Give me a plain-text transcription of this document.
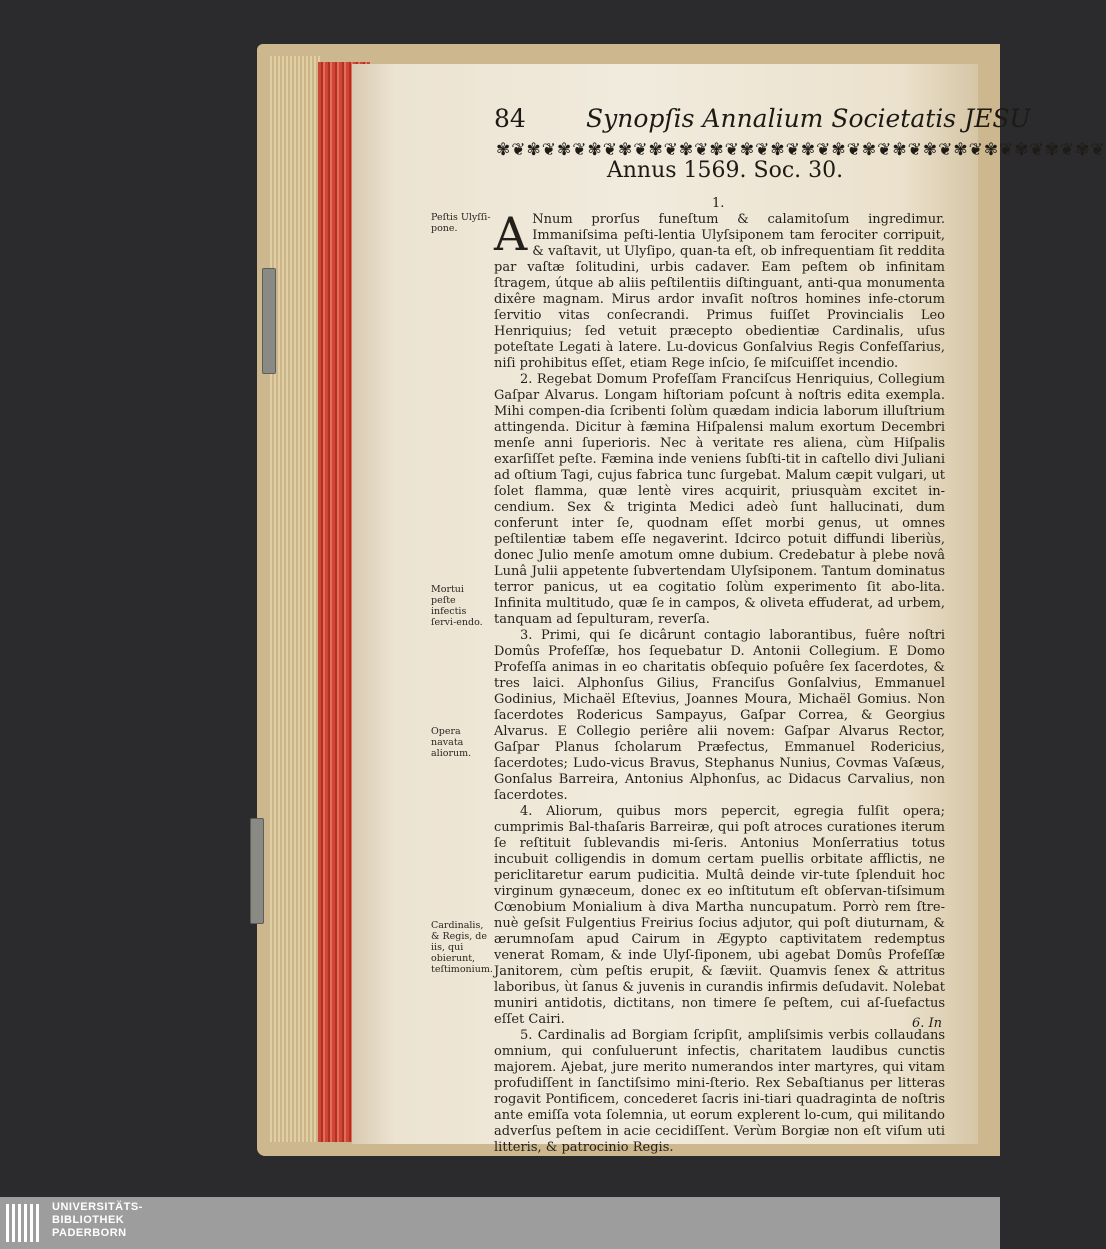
84 Synopſis Annalium Societatis JESU
✾❦✾❦✾❦✾❦✾❦✾❦✾❦✾❦✾❦✾❦✾❦✾❦✾❦✾❦✾❦✾❦✾❦✾❦✾❦✾❦
Annus 1569. Soc. 30.
1.
Peſtis Ulyſſi-pone.
Mortui peſte infectis ſervi-endo.
Opera navata aliorum.
Cardinalis, & Regis, de iis, qui obierunt, teſtimonium.

A Nnum prorſus funeſtum & calamitoſum ingredimur. Immaniſsima peſti-lentia Ulyſsiponem tam ferociter corripuit, & vaſtavit, ut Ulyſipo, quan-ta eſt, ob infrequentiam ſit reddita par vaſtæ ſolitudini, urbis cadaver. Eam peſtem ob infinitam ſtragem, útque ab aliis peſtilentiis diſtinguant, anti-qua monumenta dixêre magnam. Mirus ardor invaſit noſtros homines infe-ctorum ſervitio vitas conſecrandi. Primus fuiſſet Provincialis Leo Henriquius; ſed vetuit præcepto obedientiæ Cardinalis, uſus poteſtate Legati à latere. Lu-dovicus Gonſalvius Regis Confeſſarius, niſi prohibitus eſſet, etiam Rege inſcio, ſe miſcuiſſet incendio.

2. Regebat Domum Profeſſam Franciſcus Henriquius, Collegium Gaſpar Alvarus. Longam hiſtoriam poſcunt à noſtris edita exempla. Mihi compen-dia ſcribenti ſolùm quædam indicia laborum illuſtrium attingenda. Dicitur à fæmina Hiſpalensi malum exortum Decembri menſe anni ſuperioris. Nec à veritate res aliena, cùm Hiſpalis exarſiſſet peſte. Fæmina inde veniens ſubſti-tit in caſtello divi Juliani ad oſtium Tagi, cujus fabrica tunc ſurgebat. Malum cæpit vulgari, ut ſolet flamma, quæ lentè vires acquirit, priusquàm excitet in-cendium. Sex & triginta Medici adeò ſunt hallucinati, dum conferunt inter ſe, quodnam eſſet morbi genus, ut omnes peſtilentiæ tabem eſſe negaverint. Idcirco potuit diffundi liberiùs, donec Julio menſe amotum omne dubium. Credebatur à plebe novâ Lunâ Julii appetente ſubvertendam Ulyſsiponem. Tantum dominatus terror panicus, ut ea cogitatio ſolùm experimento ſit abo-lita. Infinita multitudo, quæ ſe in campos, & oliveta effuderat, ad urbem, tanquam ad ſepulturam, reverſa.

3. Primi, qui ſe dicârunt contagio laborantibus, fuêre noſtri Domûs Profeſſæ, hos ſequebatur D. Antonii Collegium. E Domo Profeſſa animas in eo charitatis obſequio poſuêre ſex ſacerdotes, & tres laici. Alphonſus Gilius, Franciſus Gonſalvius, Emmanuel Godinius, Michaël Eſtevius, Joannes Moura, Michaël Gomius. Non ſacerdotes Rodericus Sampayus, Gaſpar Correa, & Georgius Alvarus. E Collegio periêre alii novem: Gaſpar Alvarus Rector, Gaſpar Planus ſcholarum Præfectus, Emmanuel Rodericius, ſacerdotes; Ludo-vicus Bravus, Stephanus Nunius, Covmas Vaſæus, Gonſalus Barreira, Antonius Alphonſus, ac Didacus Carvalius, non ſacerdotes.

4. Aliorum, quibus mors pepercit, egregia fulſit opera; cumprimis Bal-thaſaris Barreiræ, qui poſt atroces curationes iterum ſe reſtituit ſublevandis mi-ſeris. Antonius Monſerratius totus incubuit colligendis in domum certam puellis orbitate afflictis, ne periclitaretur earum pudicitia. Multâ deinde vir-tute ſplenduit hoc virginum gynæceum, donec ex eo inſtitutum eſt obſervan-tiſsimum Cœnobium Monialium à diva Martha nuncupatum. Porrò rem ſtre-nuè geſsit Fulgentius Freirius ſocius adjutor, qui poſt diuturnam, & ærumnoſam apud Cairum in Ægypto captivitatem redemptus venerat Romam, & inde Ulyſ-ſiponem, ubi agebat Domûs Profeſſæ Janitorem, cùm peſtis erupit, & ſæviit. Quamvis ſenex & attritus laboribus, ùt ſanus & juvenis in curandis infirmis deſudavit. Nolebat muniri antidotis, dictitans, non timere ſe peſtem, cui aſ-ſuefactus eſſet Cairi.

5. Cardinalis ad Borgiam ſcripſit, ampliſsimis verbis collaudans omnium, qui conſuluerunt infectis, charitatem laudibus cunctis majorem. Ajebat, jure merito numerandos inter martyres, qui vitam profudiſſent in ſanctiſsimo mini-ſterio. Rex Sebaſtianus per litteras rogavit Pontificem, concederet ſacris ini-tiari quadraginta de noſtris ante emiſſa vota ſolemnia, ut eorum explerent lo-cum, qui militando adverſus peſtem in acie cecidiſſent. Verùm Borgiæ non eſt viſum uti litteris, & patrocinio Regis.

6. In
UNIVERSITÄTS-
BIBLIOTHEK
PADERBORN
